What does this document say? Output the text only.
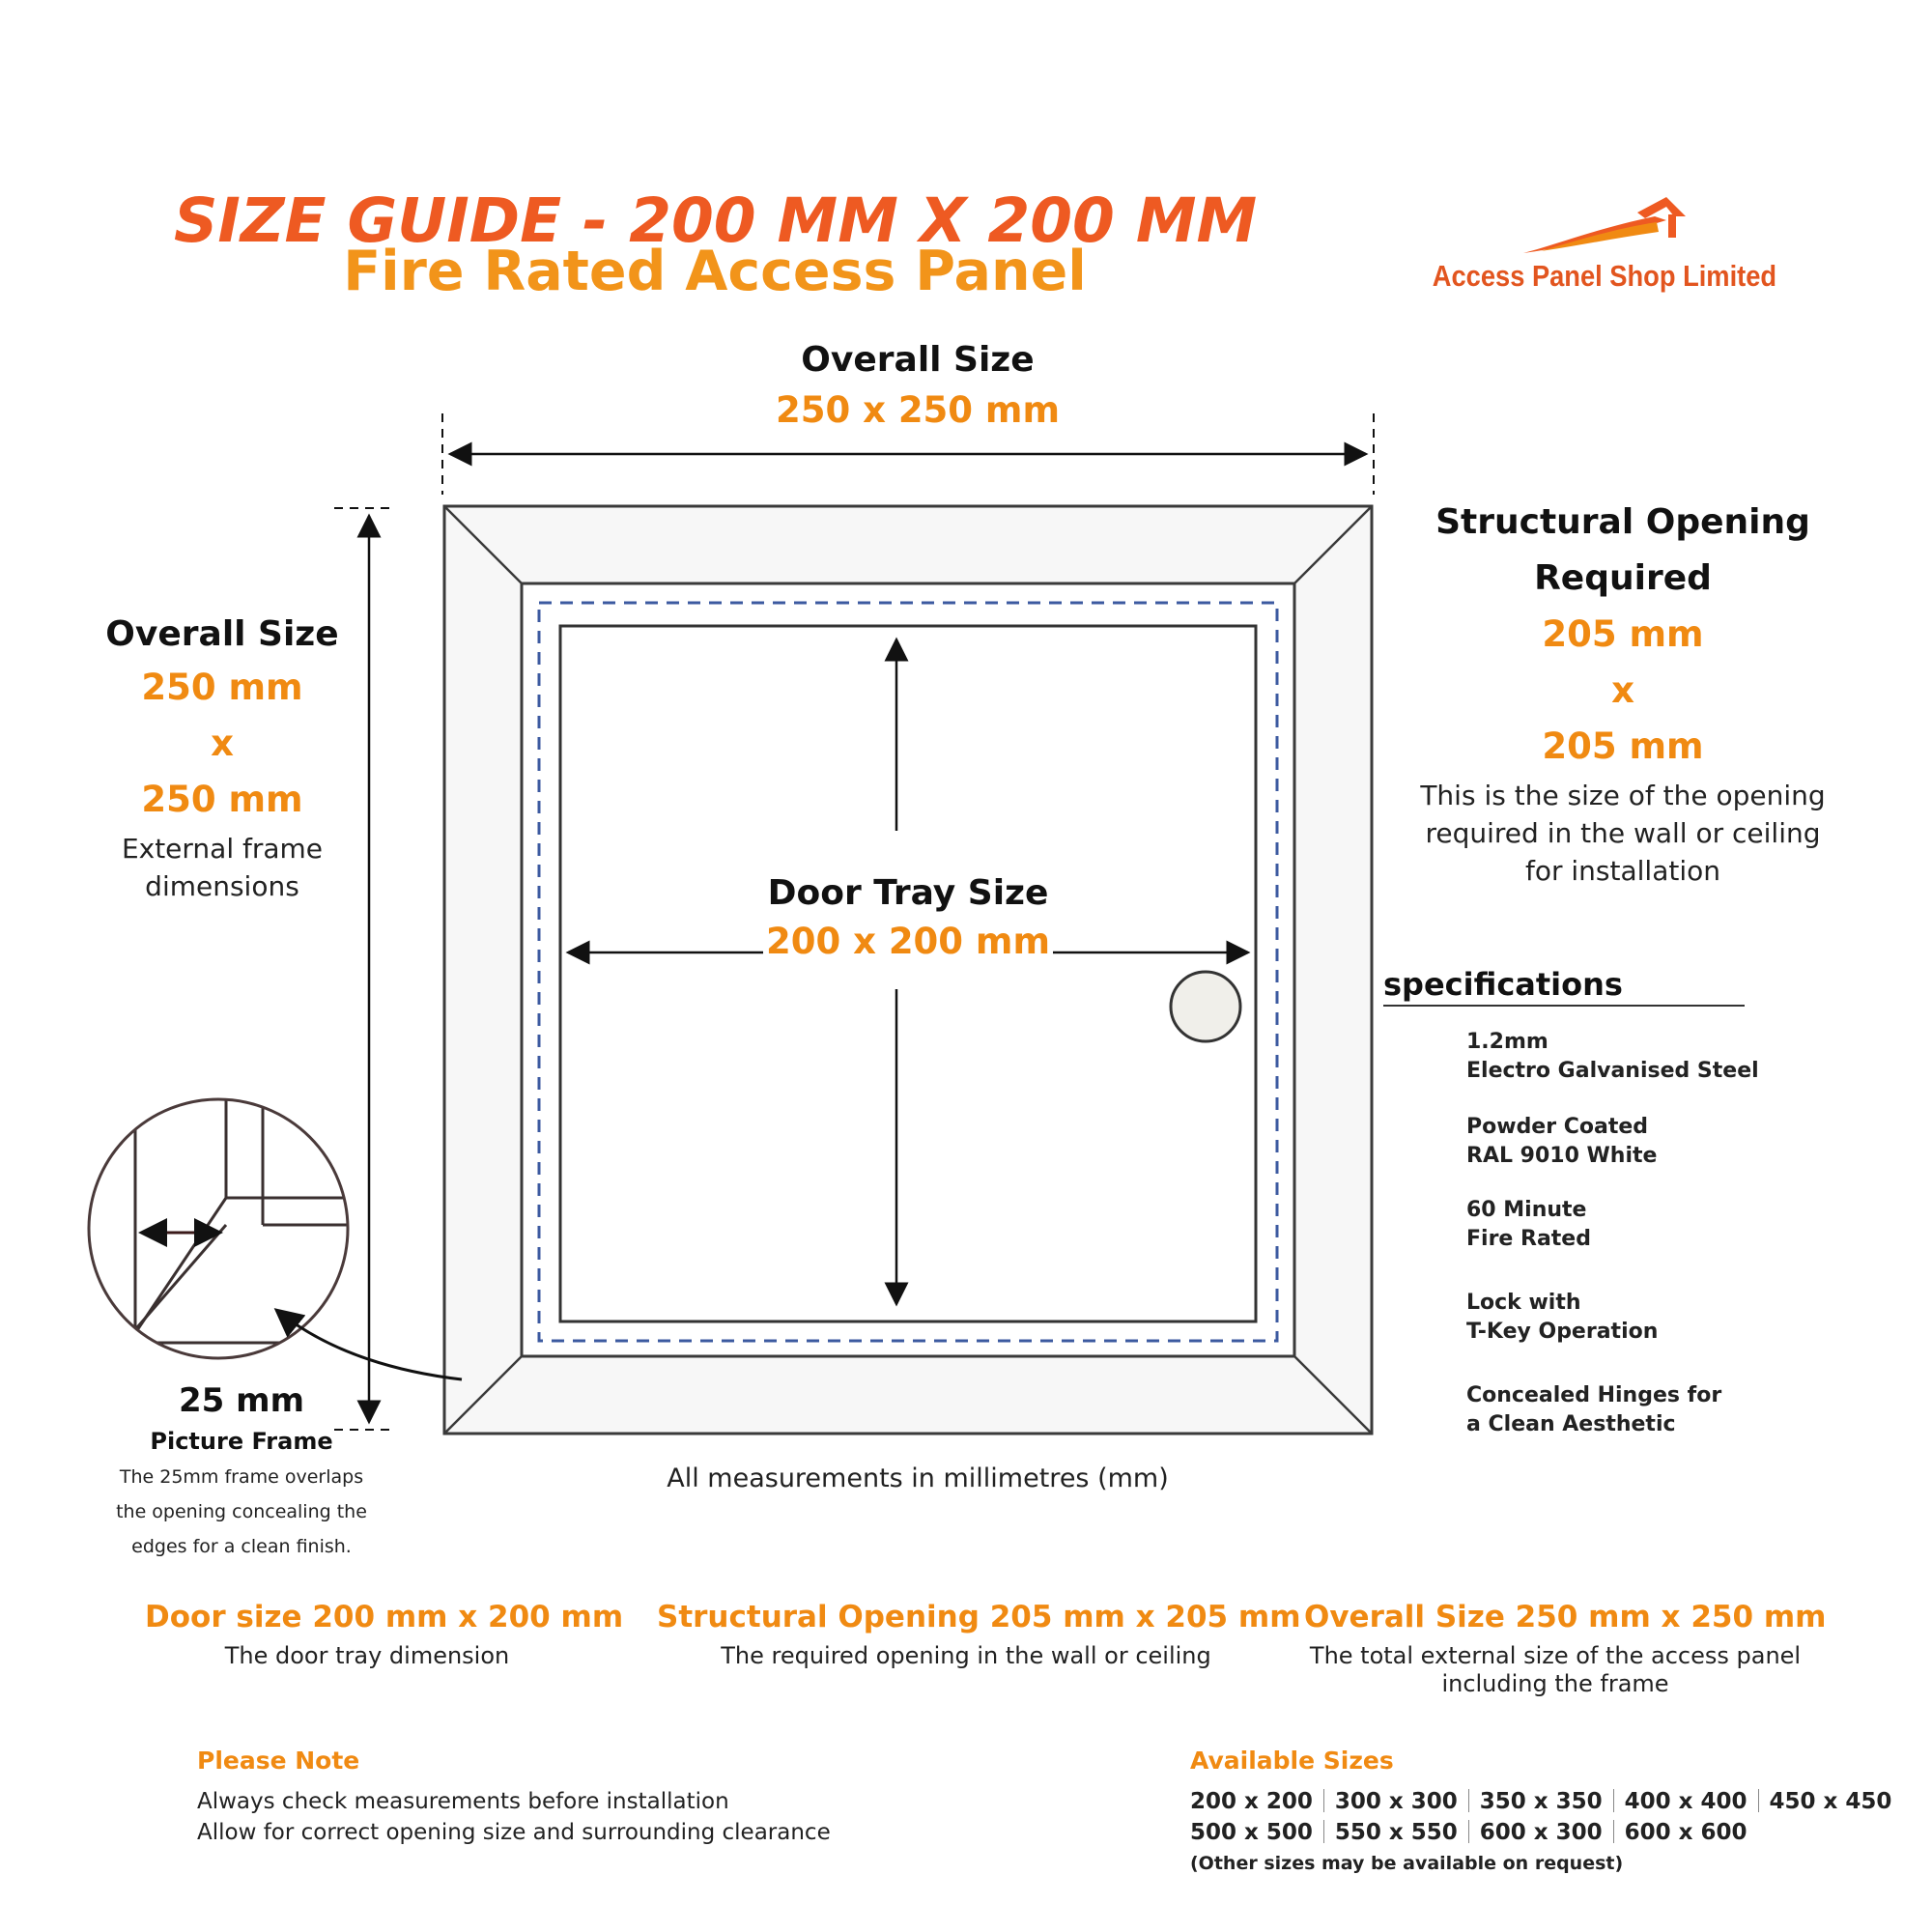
SIZE GUIDE - 200 MM X 200 MM
Fire Rated Access Panel	Access Panel Shop Limited
Overall Size
250 x 250 mm
Overall Size
250 mm
x
250 mm
External frame
dimensions
Structural Opening
Required
205 mm
x
205 mm
This is the size of the opening
required in the wall or ceiling
for installation
Door Tray Size
200 x 200 mm
specifications
1.2mm
Electro Galvanised Steel
Powder Coated
RAL 9010 White
60 Minute
Fire Rated
Lock with
T-Key Operation
Concealed Hinges for
a Clean Aesthetic
25 mm
Picture Frame
The 25mm frame overlaps
the opening concealing the
edges for a clean finish.
All measurements in millimetres (mm)
Door size 200 mm x 200 mm
The door tray dimension
Structural Opening 205 mm x 205 mm
The required opening in the wall or ceiling
Overall Size 250 mm x 250 mm
The total external size of the access panel
including the frame
Please Note
Always check measurements before installation
Allow for correct opening size and surrounding clearance
Available Sizes
200 x 200 300 x 300 350 x 350 400 x 400 450 x 450
500 x 500 550 x 550 600 x 300 600 x 600
(Other sizes may be available on request)
